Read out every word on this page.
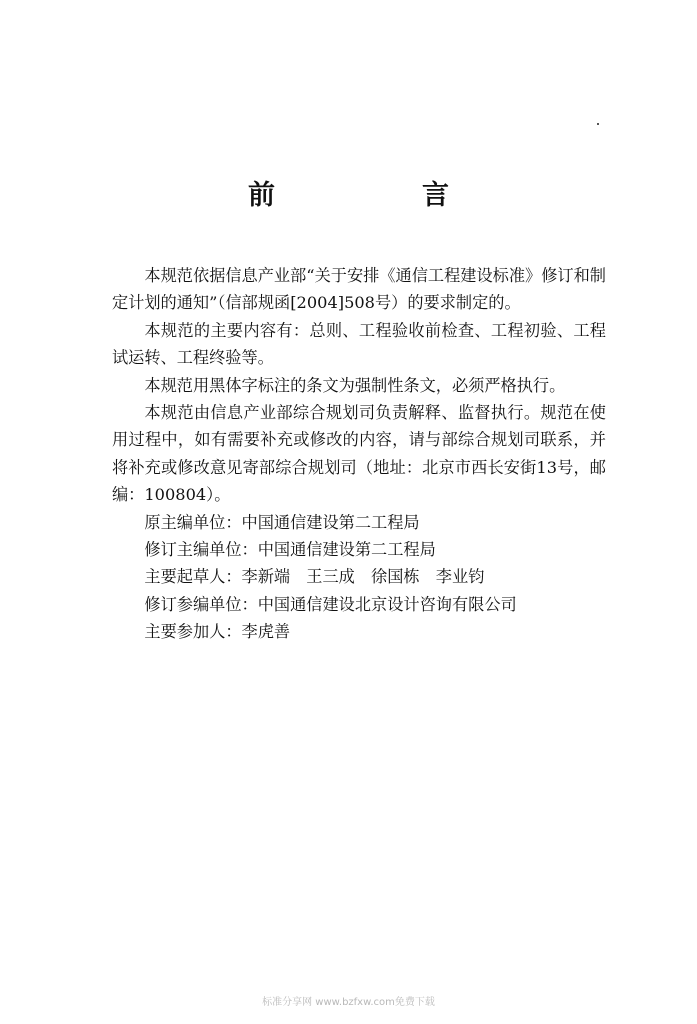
前　言

本规范依据信息产业部“关于安排《通信工程建设标准》修订和制定计划的通知”（信部规函[2004]508号）的要求制定的。

本规范的主要内容有：总则、工程验收前检查、工程初验、工程试运转、工程终验等。

本规范用黑体字标注的条文为强制性条文，必须严格执行。

本规范由信息产业部综合规划司负责解释、监督执行。规范在使用过程中，如有需要补充或修改的内容，请与部综合规划司联系，并将补充或修改意见寄部综合规划司（地址：北京市西长安街13号，邮编：100804）。

原主编单位：中国通信建设第二工程局

修订主编单位：中国通信建设第二工程局

主要起草人：李新端　王三成　徐国栋　李业钧

修订参编单位：中国通信建设北京设计咨询有限公司

主要参加人：李虎善

标准分享网 www.bzfxw.com免费下载
